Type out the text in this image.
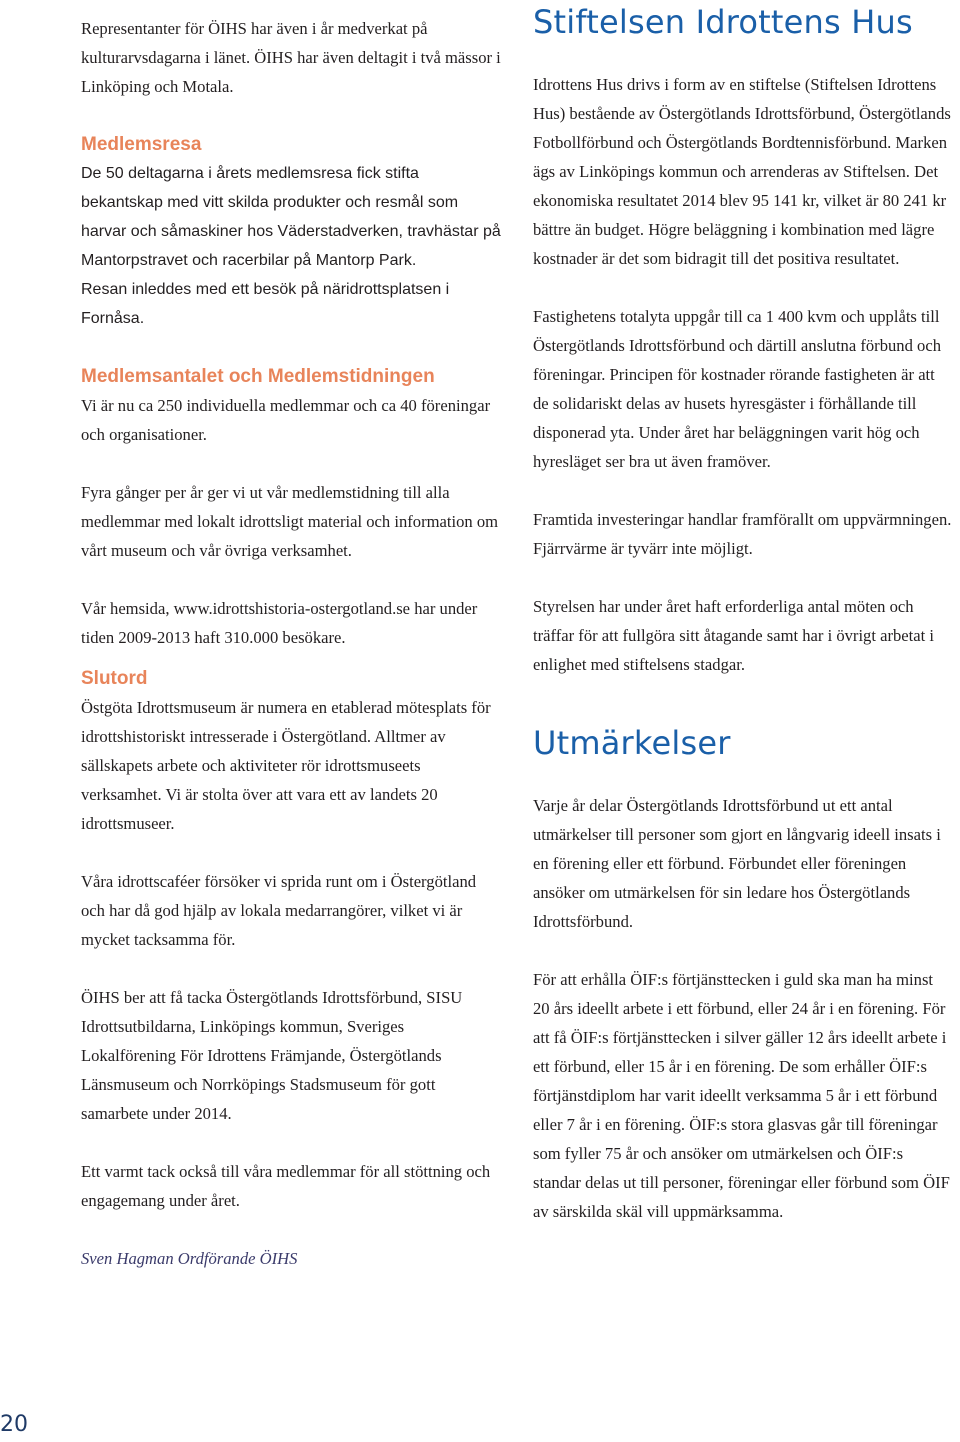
Representanter för ÖIHS har även i år medverkat på kulturarvsdagarna i länet. ÖIHS har även deltagit i två mässor i Linköping och Motala.

Medlemsresa

De 50 deltagarna i årets medlemsresa fick stifta bekantskap med vitt skilda produkter och resmål som harvar och såmaskiner hos Väderstadverken, travhästar på Mantorpstravet och racerbilar på Mantorp Park.

Resan inleddes med ett besök på näridrottsplatsen i Fornåsa.

Medlemsantalet och Medlemstidningen

Vi är nu ca 250 individuella medlemmar och ca 40 föreningar och organisationer.

Fyra gånger per år ger vi ut vår medlemstidning till alla medlemmar med lokalt idrottsligt material och information om vårt museum och vår övriga verksamhet.

Vår hemsida, www.idrottshistoria-ostergotland.se har under tiden 2009-2013 haft 310.000 besökare.

Slutord

Östgöta Idrottsmuseum är numera en etablerad mötesplats för idrottshistoriskt intresserade i Östergötland. Alltmer av sällskapets arbete och aktiviteter rör idrottsmuseets verksamhet. Vi är stolta över att vara ett av landets 20 idrottsmuseer.

Våra idrottscaféer försöker vi sprida runt om i Östergötland och har då god hjälp av lokala medarrangörer, vilket vi är mycket tacksamma för.

ÖIHS ber att få tacka Östergötlands Idrottsförbund, SISU Idrottsutbildarna, Linköpings kommun, Sveriges Lokalförening För Idrottens Främjande, Östergötlands Länsmuseum och Norrköpings Stadsmuseum för gott samarbete under 2014.

Ett varmt tack också till våra medlemmar för all stöttning och engagemang under året.

Sven Hagman Ordförande ÖIHS

Stiftelsen Idrottens Hus

Idrottens Hus drivs i form av en stiftelse (Stiftelsen Idrottens Hus) bestående av Östergötlands Idrottsförbund, Östergötlands Fotbollförbund och Östergötlands Bordtennisförbund. Marken ägs av Linköpings kommun och arrenderas av Stiftelsen. Det ekonomiska resultatet 2014 blev 95 141 kr, vilket är 80 241 kr bättre än budget. Högre beläggning i kombination med lägre kostnader är det som bidragit till det positiva resultatet.

Fastighetens totalyta uppgår till ca 1 400 kvm och upplåts till Östergötlands Idrottsförbund och därtill anslutna förbund och föreningar. Principen för kostnader rörande fastigheten är att de solidariskt delas av husets hyresgäster i förhållande till disponerad yta. Under året har beläggningen varit hög och hyresläget ser bra ut även framöver.

Framtida investeringar handlar framförallt om uppvärmningen. Fjärrvärme är tyvärr inte möjligt.

Styrelsen har under året haft erforderliga antal möten och träffar för att fullgöra sitt åtagande samt har i övrigt arbetat i enlighet med stiftelsens stadgar.

Utmärkelser

Varje år delar Östergötlands Idrottsförbund ut ett antal utmärkelser till personer som gjort en långvarig ideell insats i en förening eller ett förbund. Förbundet eller föreningen ansöker om utmärkelsen för sin ledare hos Östergötlands Idrottsförbund.

För att erhålla ÖIF:s förtjänsttecken i guld ska man ha minst 20 års ideellt arbete i ett förbund, eller 24 år i en förening. För att få ÖIF:s förtjänsttecken i silver gäller 12 års ideellt arbete i ett förbund, eller 15 år i en förening. De som erhåller ÖIF:s förtjänstdiplom har varit ideellt verksamma 5 år i ett förbund eller 7 år i en förening. ÖIF:s stora glasvas går till föreningar som fyller 75 år och ansöker om utmärkelsen och ÖIF:s standar delas ut till personer, föreningar eller förbund som ÖIF av särskilda skäl vill uppmärksamma.

20
